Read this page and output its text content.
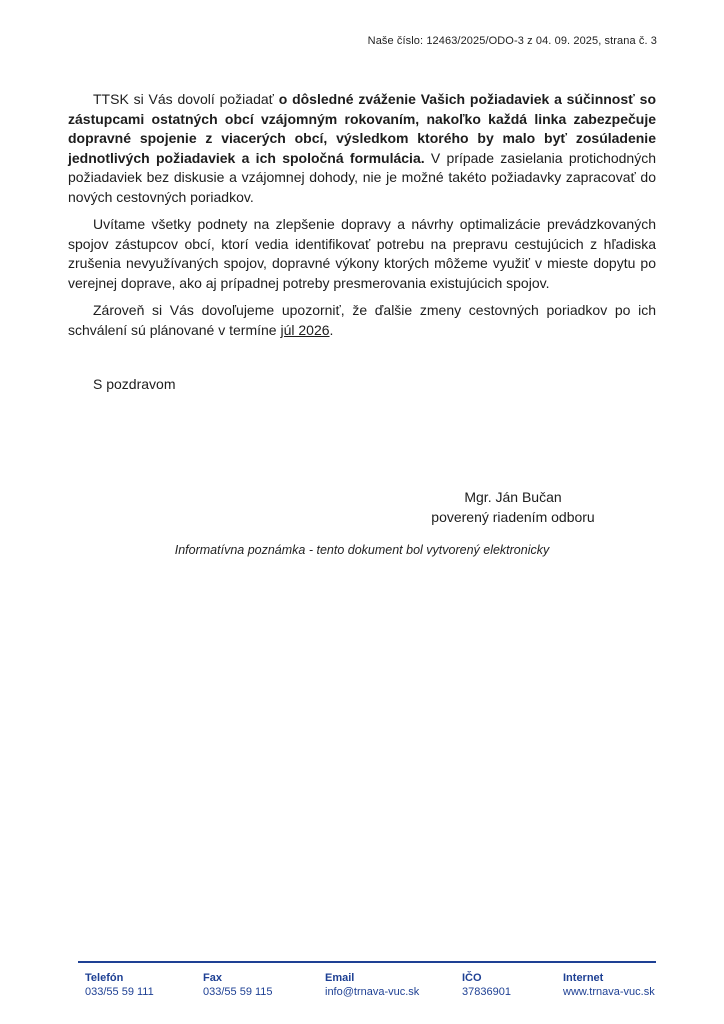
Naše číslo: 12463/2025/ODO-3 z 04. 09. 2025, strana č. 3

TTSK si Vás dovolí požiadať o dôsledné zváženie Vašich požiadaviek a súčinnosť so zástupcami ostatných obcí vzájomným rokovaním, nakoľko každá linka zabezpečuje dopravné spojenie z viacerých obcí, výsledkom ktorého by malo byť zosúladenie jednotlivých požiadaviek a ich spoločná formulácia. V prípade zasielania protichodných požiadaviek bez diskusie a vzájomnej dohody, nie je možné takéto požiadavky zapracovať do nových cestovných poriadkov.

Uvítame všetky podnety na zlepšenie dopravy a návrhy optimalizácie prevádzkovaných spojov zástupcov obcí, ktorí vedia identifikovať potrebu na prepravu cestujúcich z hľadiska zrušenia nevyužívaných spojov, dopravné výkony ktorých môžeme využiť v mieste dopytu po verejnej doprave, ako aj prípadnej potreby presmerovania existujúcich spojov.

Zároveň si Vás dovoľujeme upozorniť, že ďalšie zmeny cestovných poriadkov po ich schválení sú plánované v termíne júl 2026.

S pozdravom

Mgr. Ján Bučan
poverený riadením odboru
Informatívna poznámka - tento dokument bol vytvorený elektronicky
Telefón
033/55 59 111
Fax
033/55 59 115
Email
info@trnava-vuc.sk
IČO
37836901
Internet
www.trnava-vuc.sk
